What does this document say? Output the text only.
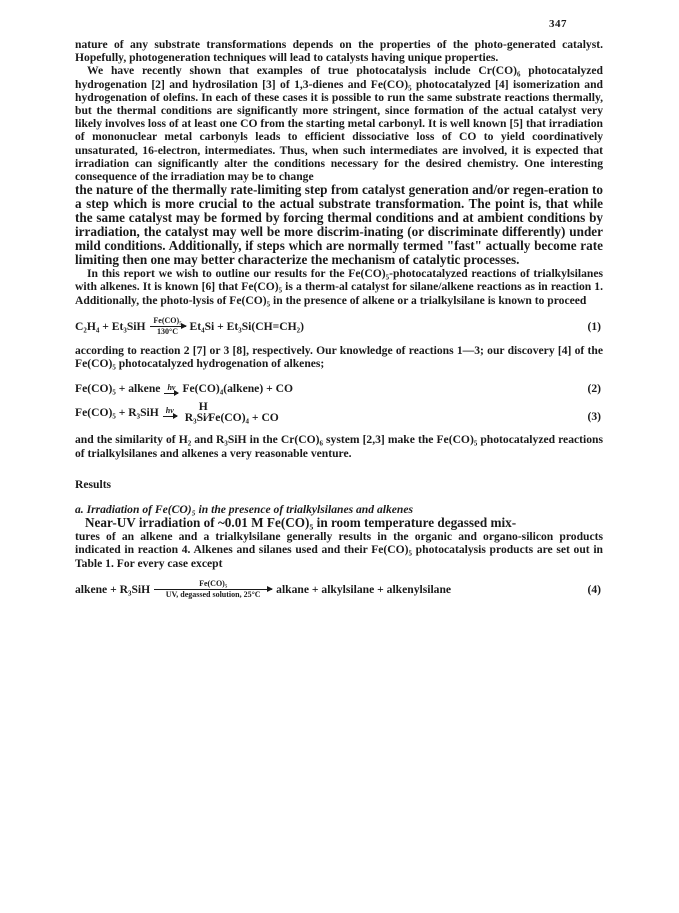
347

nature of any substrate transformations depends on the properties of the photo-generated catalyst. Hopefully, photogeneration techniques will lead to catalysts having unique properties.

We have recently shown that examples of true photocatalysis include Cr(CO)₆ photocatalyzed hydrogenation [2] and hydrosilation [3] of 1,3-dienes and Fe(CO)₅ photocatalyzed [4] isomerization and hydrogenation of olefins. In each of these cases it is possible to run the same substrate reactions thermally, but the thermal conditions are significantly more stringent, since formation of the actual catalyst very likely involves loss of at least one CO from the starting metal carbonyl. It is well known [5] that irradiation of mononuclear metal carbonyls leads to efficient dissociative loss of CO to yield coordinatively unsaturated, 16-electron, intermediates. Thus, when such intermediates are involved, it is expected that irradiation can significantly alter the conditions necessary for the desired chemistry. One interesting consequence of the irradiation may be to change

the nature of the thermally rate-limiting step from catalyst generation and/or regen-eration to a step which is more crucial to the actual substrate transformation. The point is, that while the same catalyst may be formed by forcing thermal conditions and at ambient conditions by irradiation, the catalyst may well be more discrim-inating (or discriminate differently) under mild conditions. Additionally, if steps which are normally termed "fast" actually become rate limiting then one may better characterize the mechanism of catalytic processes.

In this report we wish to outline our results for the Fe(CO)₅-photocatalyzed reactions of trialkylsilanes with alkenes. It is known [6] that Fe(CO)₅ is a therm-al catalyst for silane/alkene reactions as in reaction 1. Additionally, the photo-lysis of Fe(CO)₅ in the presence of alkene or a trialkylsilane is known to proceed

C₂H₄ + Et₃SiH Fe(CO)₅
130°C Et₄Si + Et₃Si(CH=CH₂)	(1)

according to reaction 2 [7] or 3 [8], respectively. Our knowledge of reactions 1—3; our discovery [4] of the Fe(CO)₅ photocatalyzed hydrogenation of alkenes;

Fe(CO)₅ + alkene hν Fe(CO)₄(alkene) + CO	(2)
Fe(CO)₅ + R₃SiH hν	H
R₃Si⁄Fe(CO)₄ + CO	(3)

and the similarity of H₂ and R₃SiH in the Cr(CO)₆ system [2,3] make the Fe(CO)₅ photocatalyzed reactions of trialkylsilanes and alkenes a very reasonable venture.

Results

a. Irradiation of Fe(CO)₅ in the presence of trialkylsilanes and alkenes

Near-UV irradiation of ~0.01 M Fe(CO)₅ in room temperature degassed mix-

tures of an alkene and a trialkylsilane generally results in the organic and organo-silicon products indicated in reaction 4. Alkenes and silanes used and their Fe(CO)₅ photocatalysis products are set out in Table 1. For every case except

alkene + R₃SiH	Fe(CO)₅
UV, degassed solution, 25°C alkane + alkylsilane + alkenylsilane	(4)
